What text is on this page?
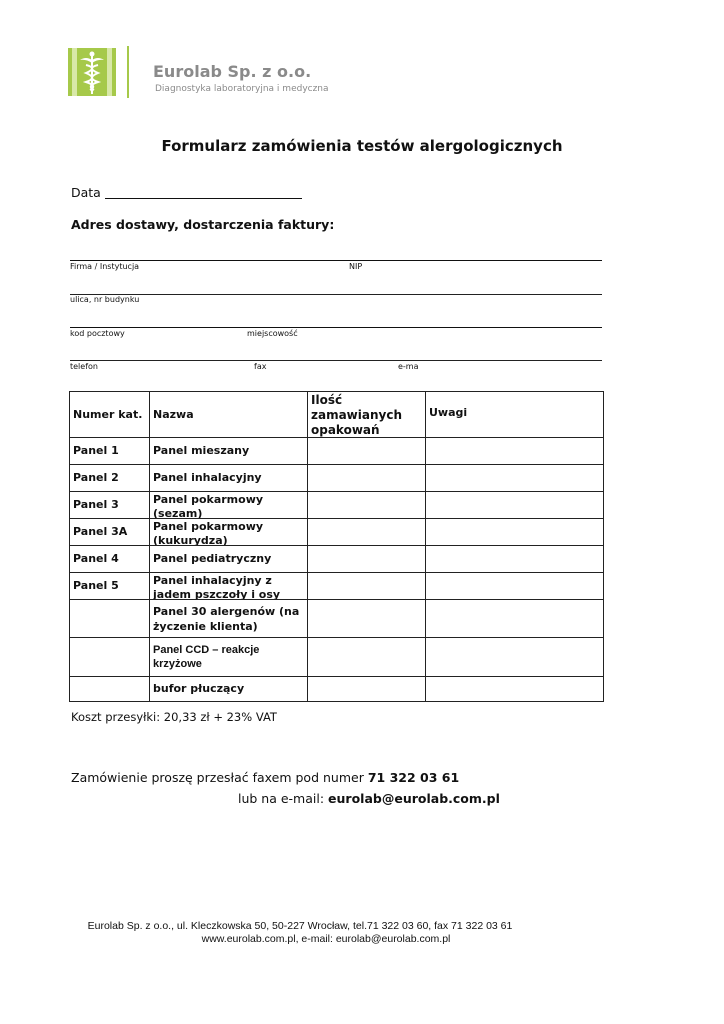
Eurolab Sp. z o.o.
Diagnostyka laboratoryjna i medyczna
Formularz zamówienia testów alergologicznych
Data
Adres dostawy, dostarczenia faktury:
Firma / Instytucja	NIP
ulica, nr budynku
kod pocztowy	miejscowość
telefon	fax	e-ma
Numer kat.	Nazwa	Ilość zamawianych opakowań	Uwagi
Panel 1	Panel mieszany		
Panel 2	Panel inhalacyjny		
Panel 3	Panel pokarmowy (sezam)		

Panel 3A	Panel pokarmowy (kukurydza)		

Panel 4	Panel pediatryczny		
Panel 5	Panel inhalacyjny z jadem pszczoły i osy		

	Panel 30 alergenów (na życzenie klienta)		
	Panel CCD – reakcje krzyżowe		
	bufor płuczący		
Koszt przesyłki: 20,33 zł + 23% VAT
Zamówienie proszę przesłać faxem pod numer 71 322 03 61
lub na e-mail: eurolab@eurolab.com.pl
Eurolab Sp. z o.o., ul. Kleczkowska 50, 50-227 Wrocław, tel.71 322 03 60, fax 71 322 03 61
www.eurolab.com.pl, e-mail: eurolab@eurolab.com.pl
